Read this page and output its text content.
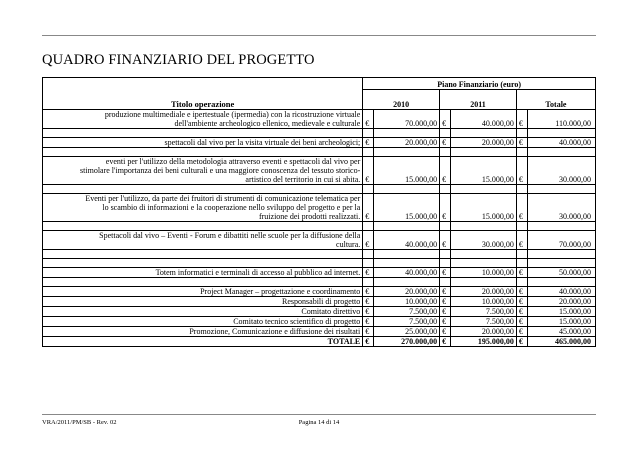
QUADRO FINANZIARIO DEL PROGETTO
Titolo operazione	Piano Finanziario (euro)					
	2010		2011		Totale	

produzione multimediale e ipertestuale (ipermedia) con la ricostruzione virtuale
dell'ambiente archeologico ellenico, medievale e culturale	€	70.000,00	€	40.000,00	€	110.000,00

spettacoli dal vivo per la visita virtuale dei beni archeologici;	€	20.000,00	€	20.000,00	€	40.000,00

eventi per l'utilizzo della metodologia attraverso eventi e spettacoli dal vivo per
stimolare l'importanza dei beni culturali e una maggiore conoscenza del tessuto storico-
artistico del territorio in cui si abita.	€	15.000,00	€	15.000,00	€	30.000,00

Eventi per l'utilizzo, da parte dei fruitori di strumenti di comunicazione telematica per
lo scambio di informazioni e la cooperazione nello sviluppo del progetto e per la
fruizione dei prodotti realizzati.	€	15.000,00	€	15.000,00	€	30.000,00

Spettacoli dal vivo – Eventi - Forum e dibattiti nelle scuole per la diffusione della
cultura.	€	40.000,00	€	30.000,00	€	70.000,00

Totem informatici e terminali di accesso al pubblico ad internet.	€	40.000,00	€	10.000,00	€	50.000,00

Project Manager – progettazione e coordinamento	€	20.000,00	€	20.000,00	€	40.000,00

Responsabili di progetto	€	10.000,00	€	10.000,00	€	20.000,00

Comitato direttivo	€	7.500,00	€	7.500,00	€	15.000,00

Comitato tecnico scientifico di progetto	€	7.500,00	€	7.500,00	€	15.000,00

Promozione, Comunicazione e diffusione dei risultati	€	25.000,00	€	20.000,00	€	45.000,00

TOTALE	€	270.000,00	€	195.000,00	€	465.000,00
VRA/2011/PM/SB - Rev. 02	Pagina 14 di 14
